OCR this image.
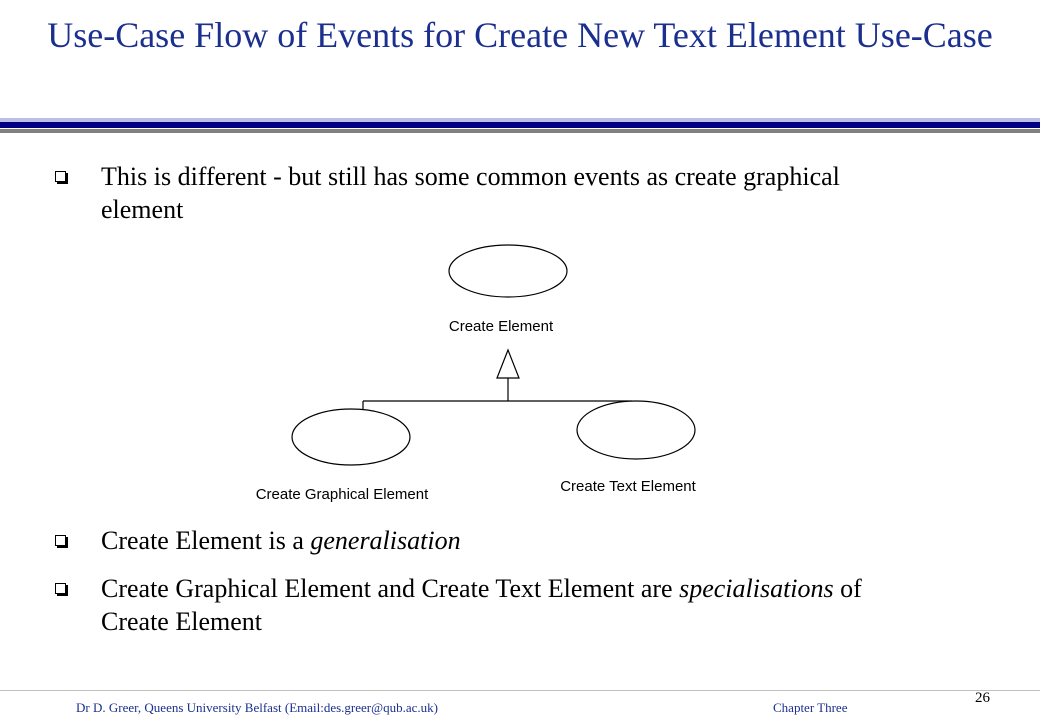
Use-Case Flow of Events for Create New Text Element Use-Case
This is different - but still has some common events as create graphical element
Create Element
Create Graphical Element	Create Text Element
Create Element is a generalisation
Create Graphical Element and Create Text Element are specialisations of Create Element
Dr D. Greer, Queens University Belfast (Email:des.greer@qub.ac.uk)	Chapter Three
26
